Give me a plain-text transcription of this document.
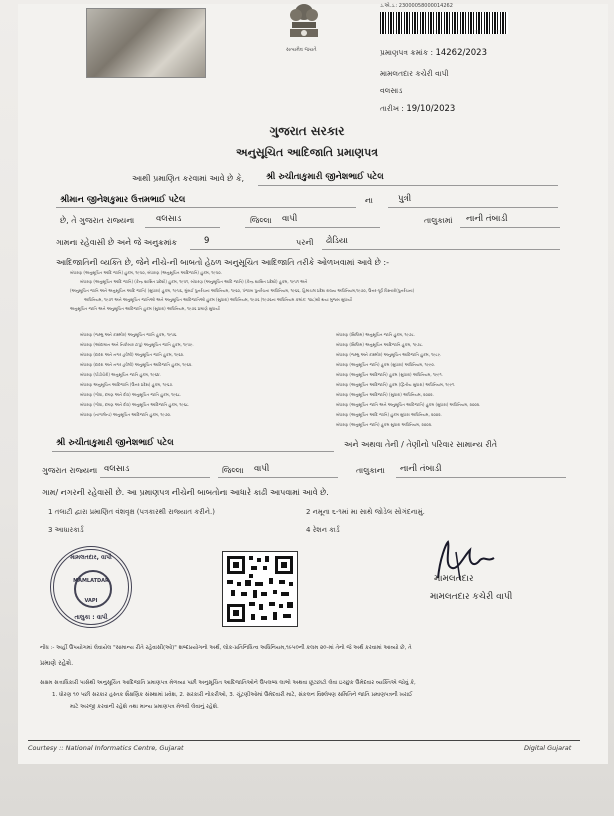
સત્યમેવ જયતે
ડ.એ.ડ.: 23000058000014262
પ્રમાણપત્ર ક્રમાંક : 14262/2023
મામલતદાર કચેરી વાપી
વલસાડ
તારીખ : 19/10/2023
ગુજરાત સરકાર
અનુસૂચિત આદિજાતિ પ્રમાણપત્ર
આથી પ્રમાણિત કરવામાં આવે છે કે,	શ્રી રુચીતાકુમારી જીનેશભાઈ પટેલ
શ્રીમાન જીનેશકુમાર ઉત્તમભાઈ પટેલ	ના	પુત્રી
છે, તે ગુજરાત રાજ્યના	વલસાડ	જિલ્લા વાપી	તાલુકામાં નાની તંબાડી
ગામના રહેવાસી છે અને જે અનુક્રમાંક	9	પરની ઢોડિયા
આદિજાતિની વ્યક્તિ છે, જેને નીચે-ની બાબતો હેઠળ અનુસૂચિત આદિજાતિ તરીકે ઓળખવામાં આવે છે :-
બંધારણ (અનુસૂચિત આદિ જાતિ) હુકમ, ૧૯૫૦, બંધારણ (અનુસૂચિત આદિજાતિ) હુકમ, ૧૯૫૦.
બંધારણ (અનુસૂચિત આદિ જાતિ) (કેન્દ્ર શાસિત પ્રદેશો) હુકમ, ૧૯૫૧, બંધારણ (અનુસૂચિત આદિ જાતિ) (કેન્દ્ર શાસિત પ્રદેશો) હુકમ, ૧૯૫૧ અને
(અનુસૂચિત જાતિ અને અનુસૂચિત આદિ જાતિ) (સુધારા) હુકમ, ૧૯૫૬, મુંબઈ પુનર્રચના અધિનિયમ, ૧૯૬૦, પંજાબ પુનર્રચના અધિનિયમ, ૧૯૬૬, હિમાચલ પ્રદેશ રાજ્ય અધિનિયમ,૧૯૭૦, ઉત્તર-પૂર્વ વિસ્તારો(પુનર્રચના)
અધિનિયમ, ૧૯૭૧ અને અનુસૂચિત જાતિઓ અને અનુસૂચિત આદિજાતિઓ હુકમ (સુધારા) અધિનિયમ, ૧૯૭૬ (૧૯૭૬ના અધિનિયમ ક્રમાંક: ૧૦૮)થી થયા મુજબ સુધાર્યા
અનુસૂચિત જાતિ અને અનુસૂચિત આદિજાતિ હુકમ (સુધારા) અધિનિયમ, ૧૯૭૬ પ્રમાણે સુધાર્યા
બંધારણ (જમ્મુ અને કાશ્મીર) અનુસૂચિત જાતિ હુકમ, ૧૯૫૬.
બંધારણ (આંદામાન અને નિકોબાર ટાપુ) અનુસૂચિત જાતિ હુકમ, ૧૯૫૯.
બંધારણ (દાદરા અને નગર હવેલી) અનુસૂચિત જાતિ હુકમ, ૧૯૬૨.
બંધારણ (દાદરા અને નગર હવેલી) અનુસૂચિત આદિજાતિ હુકમ, ૧૯૬૨.
બંધારણ (પોંડીચેરી) અનુસૂચિત જાતિ હુકમ, ૧૯૬૪.
બંધારણ અનુસૂચિત આદિજાતિ (ઉત્તર પ્રદેશ) હુકમ, ૧૯૬૭.
બંધારણ (ગોવા, દમણ અને દીવ) અનુસૂચિત જાતિ હુકમ, ૧૯૬૮.
બંધારણ (ગોવા, દમણ અને દીવ) અનુસૂચિત આદિજાતિ હુકમ, ૧૯૬૮.
બંધારણ (નાગાલેન્ડ) અનુસૂચિત આદિજાતિ હુકમ, ૧૯૭૦.
બંધારણ (સિક્કિમ) અનુસૂચિત જાતિ હુકમ, ૧૯૭૮.
બંધારણ (સિક્કિમ) અનુસૂચિત આદિજાતિ હુકમ, ૧૯૭૮.
બંધારણ (જમ્મુ અને કાશ્મીર) અનુસૂચિત આદિજાતિ હુકમ, ૧૯૮૯.
બંધારણ (અનુસૂચિત જાતિ) હુકમ (સુધારા) અધિનિયમ, ૧૯૯૦.
બંધારણ (અનુસૂચિત આદિજાતિ) હુકમ (સુધારા) અધિનિયમ, ૧૯૯૧.
બંધારણ (અનુસૂચિત આદિજાતિ) હુકમ (દ્વિતીય સુધારા) અધિનિયમ, ૧૯૯૧.
બંધારણ (અનુસૂચિત આદિજાતિ) (સુધારા) અધિનિયમ, ૨૦૦૨.
બંધારણ (અનુસૂચિત જાતિ અને અનુસૂચિત આદિજાતિ) હુકમ (સુધારા) અધિનિયમ, ૨૦૦૨.
બંધારણ (અનુસૂચિત આદિ જાતિ) હુકમ સુધારા અધિનિયમ, ૨૦૦૨.
બંધારણ (અનુસૂચિત જાતિ) હુકમ સુધારા અધિનિયમ, ૨૦૦૨.
શ્રી રુચીતાકુમારી જીનેશભાઈ પટેલ	અને અથવા તેની / તેણીનો પરિવાર સામાન્ય રીતે
ગુજરાત રાજ્યના વલસાડ	જિલ્લા વાપી	તાલુકાના નાની તંબાડી
ગામ/ નગરની રહેવાસી છે. આ પ્રમાણપત્ર નીચેની બાબતોના આધારે કાઢી આપવામાં આવે છે.
1 તલાટી દ્વારા પ્રમાણિત વંશવૃક્ષ (પત્રકારથી રાજ્યાત કરીને.)	2 નમૂના ૬-૧માં મા સાથે જોડેલ સોગંદનામું.
3 આધારકાર્ડ	4 રેશન કાર્ડ
મામલતદાર, વાપી
MAMLATDAR
VAPI
તાલુકા : વાપી
મામલતદાર
મામલતદાર કચેરી વાપી
નોંધ :- અહીં ઉપયોગમાં લેવાયેલ "સામાન્ય રીતે રહેવાસી(ઓ)" શબ્દપ્રયોગનો અર્થ, લોક-પ્રતિનિધિત્વ અધિનિયમ,૧૯૫૦ની કલમ ૨૦-માં તેનો જે અર્થ કરવામાં આવ્યો છે, તે
પ્રમાણે રહેશે.
સક્ષમ સત્તાધિકારી પાસેથી અનુસૂચિત આદિજાતિ પ્રમાણપત્ર મેળવ્યા પછી અનુસૂચિત આદિજાતિઓને ઉપલબ્ધ લાભો અથવા છૂટછાટો લેવા ઇચ્છુક ઉમેદવાર વ્યક્તિએ જોવું કે,
1. ધોરણ ૧૦ પછી સરકાર હસ્તક શૈક્ષણિક સંસ્થામાં પ્રવેશ, 2. સરકારી નોકરીઓ, 3. ચૂંટણીઓમાં ઉમેદવારી માટે, સંકલન વિશ્લેષણ સમિતિને જાતિ પ્રમાણપત્રની ખરાઈ
માટે અરજી કરવાની રહેશે તથા માન્ય પ્રમાણપત્ર મેળવી લેવાનું રહેશે.
Courtesy :: National Informatics Centre, Gujarat	Digital Gujarat
